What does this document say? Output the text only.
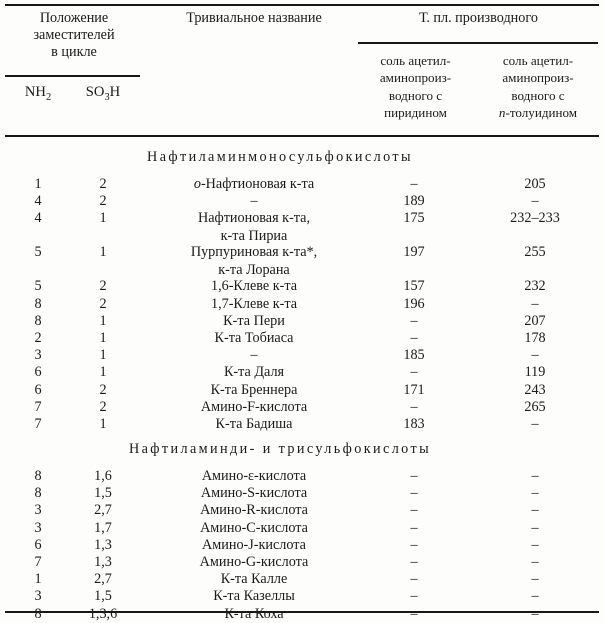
Положение
заместителей
в цикле
Тривиальное название	Т. пл. производного
$NH_2$	$SO_3H$
соль ацетил-
аминопроиз-
водного с
пиридином
соль ацетил-
аминопроиз-
водного с
п-толуидином
Нафтиламинмоносульфокислоты
1	2	о-Нафтионовая к-та	–	205
4	2	–	189	–
4	1	Нафтионовая к-та,	175	232–233
к-та Пириа
5	1	Пурпуриновая к-та*,	197	255
к-та Лорана
5	2	1,6-Клеве к-та	157	232
8	2	1,7-Клеве к-та	196	–
8	1	К-та Пери	–	207
2	1	К-та Тобиаса	–	178
3	1	–	185	–
6	1	К-та Даля	–	119
6	2	К-та Бреннера	171	243
7	2	Амино-F-кислота	–	265
7	1	К-та Бадиша	183	–
Нафтиламинди- и трисульфокислоты
8	1,6	Амино-ε-кислота	–	–
8	1,5	Амино-S-кислота	–	–
3	2,7	Амино-R-кислота	–	–
3	1,7	Амино-C-кислота	–	–
6	1,3	Амино-J-кислота	–	–
7	1,3	Амино-G-кислота	–	–
1	2,7	К-та Калле	–	–
3	1,5	К-та Казеллы	–	–
8	1,3,6	К-та Коха	–	–
